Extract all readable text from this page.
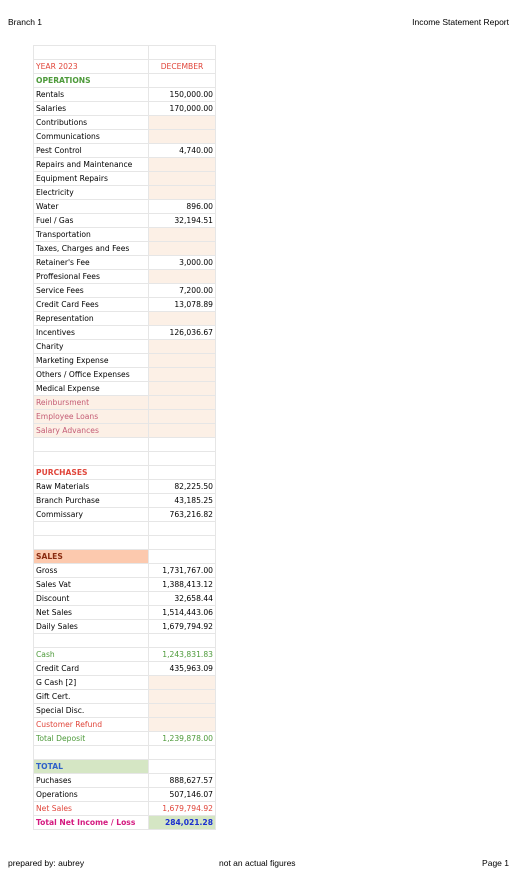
Branch 1	Income Statement Report

YEAR 2023	DECEMBER
OPERATIONS	
Rentals	150,000.00
Salaries	170,000.00
Contributions	
Communications	
Pest Control	4,740.00
Repairs and Maintenance	
Equipment Repairs	
Electricity	
Water	896.00
Fuel / Gas	32,194.51
Transportation	
Taxes, Charges and Fees	
Retainer's Fee	3,000.00
Proffesional Fees	
Service Fees	7,200.00
Credit Card Fees	13,078.89
Representation	
Incentives	126,036.67
Charity	
Marketing Expense	
Others / Office Expenses	
Medical Expense	
Reinbursment	
Employee Loans	
Salary Advances	

PURCHASES	
Raw Materials	82,225.50
Branch Purchase	43,185.25
Commissary	763,216.82

SALES	
Gross	1,731,767.00
Sales Vat	1,388,413.12
Discount	32,658.44
Net Sales	1,514,443.06
Daily Sales	1,679,794.92

Cash	1,243,831.83
Credit Card	435,963.09
G Cash [2]	
Gift Cert.	
Special Disc.	
Customer Refund	
Total Deposit	1,239,878.00

TOTAL	
Puchases	888,627.57
Operations	507,146.07
Net Sales	1,679,794.92
Total Net Income / Loss	284,021.28
prepared by: aubrey	not an actual figures	Page 1
